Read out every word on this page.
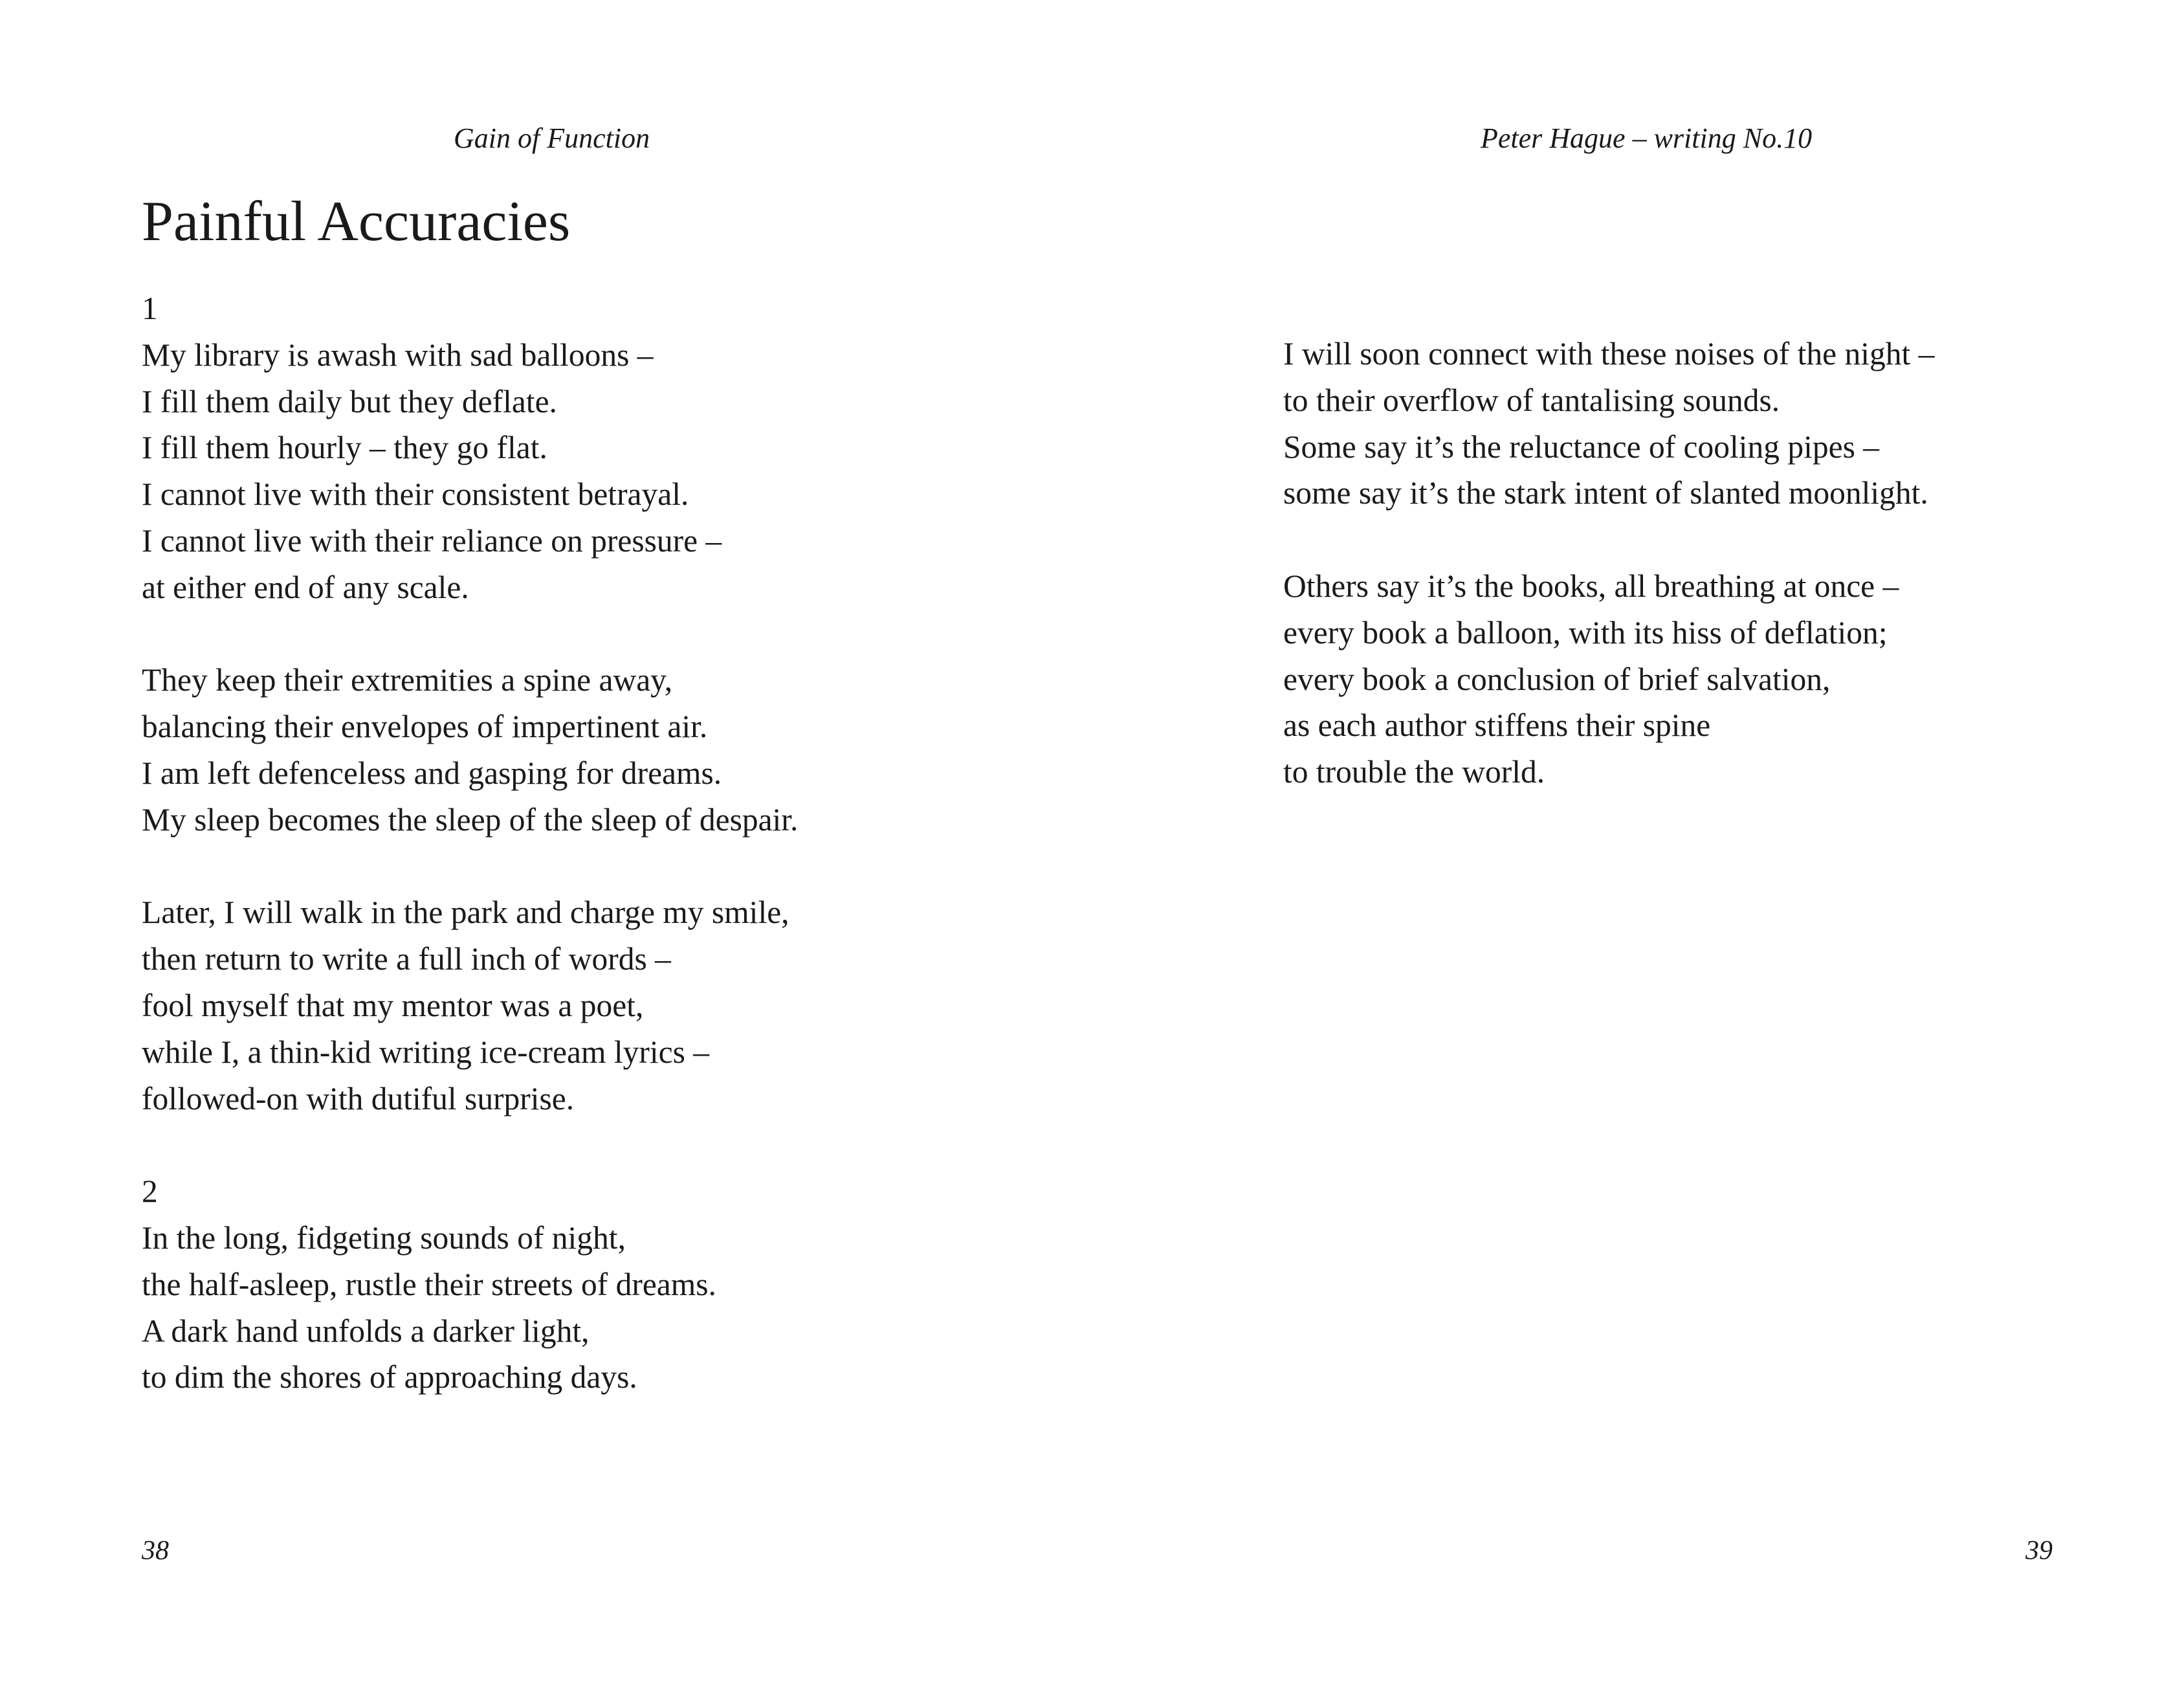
Gain of Function
Painful Accuracies
1
My library is awash with sad balloons –
I fill them daily but they deflate.
I fill them hourly – they go flat.
I cannot live with their consistent betrayal.
I cannot live with their reliance on pressure –
at either end of any scale.
They keep their extremities a spine away,
balancing their envelopes of impertinent air.
I am left defenceless and gasping for dreams.
My sleep becomes the sleep of the sleep of despair.
Later, I will walk in the park and charge my smile,
then return to write a full inch of words –
fool myself that my mentor was a poet,
while I, a thin-kid writing ice-cream lyrics –
followed-on with dutiful surprise.
2
In the long, fidgeting sounds of night,
the half-asleep, rustle their streets of dreams.
A dark hand unfolds a darker light,
to dim the shores of approaching days.
38
Peter Hague – writing No.10
I will soon connect with these noises of the night –
to their overflow of tantalising sounds.
Some say it’s the reluctance of cooling pipes –
some say it’s the stark intent of slanted moonlight.
Others say it’s the books, all breathing at once –
every book a balloon, with its hiss of deflation;
every book a conclusion of brief salvation,
as each author stiffens their spine
to trouble the world.
39
